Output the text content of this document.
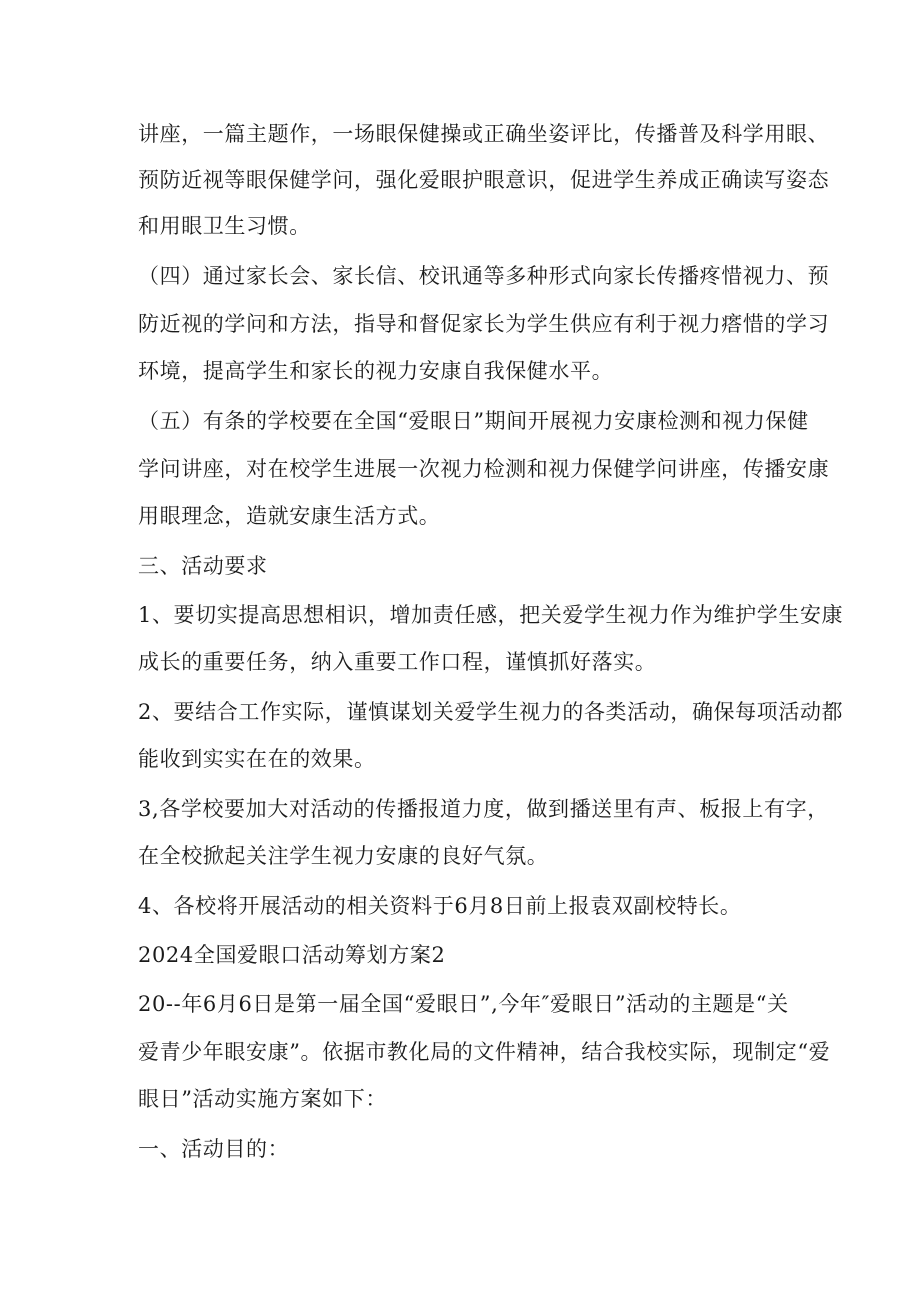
讲座，一篇主题作，一场眼保健操或正确坐姿评比，传播普及科学用眼、
预防近视等眼保健学问，强化爱眼护眼意识，促进学生养成正确读写姿态
和用眼卫生习惯。
（四）通过家长会、家长信、校讯通等多种形式向家长传播疼惜视力、预
防近视的学问和方法，指导和督促家长为学生供应有利于视力瘩惜的学习
环境，提高学生和家长的视力安康自我保健水平。
（五）有条的学校要在全国“爱眼日”期间开展视力安康检测和视力保健
学问讲座，对在校学生进展一次视力检测和视力保健学问讲座，传播安康
用眼理念，造就安康生活方式。
三、活动要求
1、要切实提高思想相识，增加责任感，把关爱学生视力作为维护学生安康
成长的重要任务，纳入重要工作口程，谨慎抓好落实。
2、要结合工作实际，谨慎谋划关爱学生视力的各类活动，确保每项活动都
能收到实实在在的效果。
3,各学校要加大对活动的传播报道力度，做到播送里有声、板报上有字，
在全校掀起关注学生视力安康的良好气氛。
4、各校将开展活动的相关资料于6月8日前上报袁双副校特长。
2024全国爱眼口活动筹划方案2
20--年6月6日是第一届全国“爱眼日”,今年″爱眼日”活动的主题是“关
爱青少年眼安康”。依据市教化局的文件精神，结合我校实际，现制定“爱
眼日”活动实施方案如下：
一、活动目的：
